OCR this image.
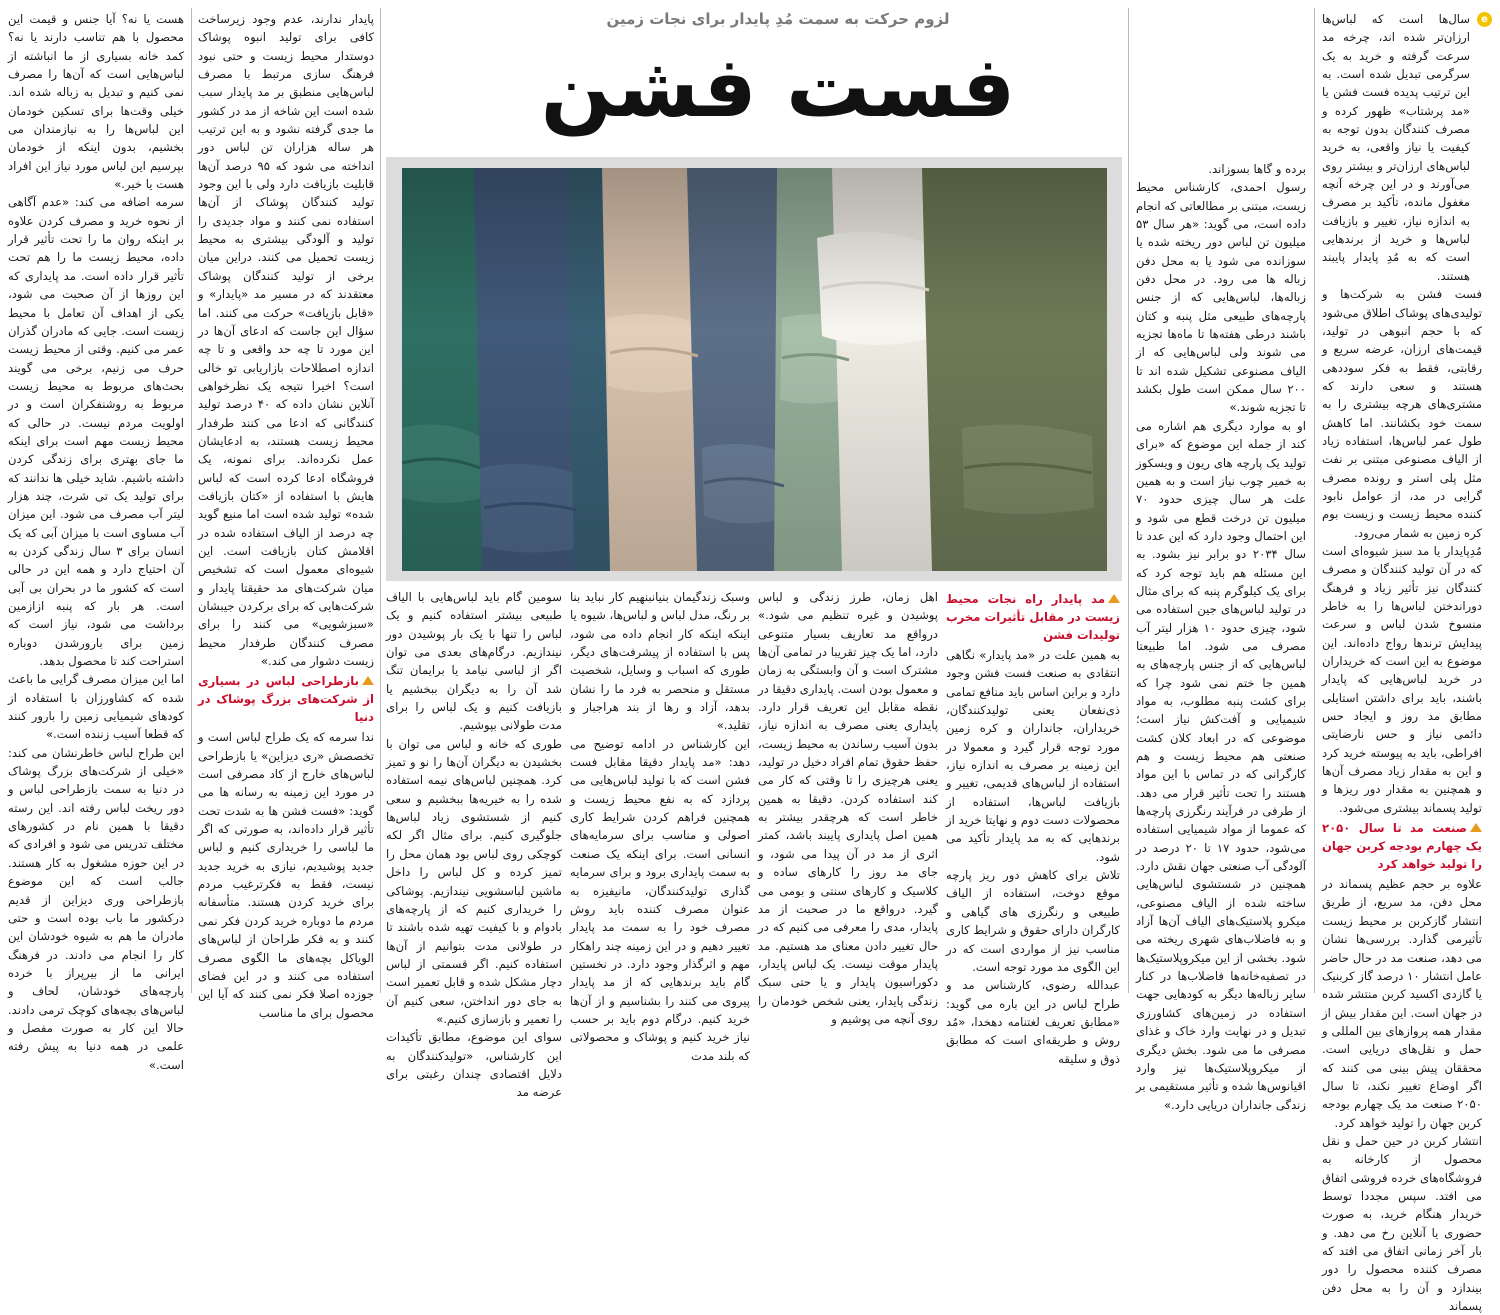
e

سال‌ها است که لباس‌ها ارزان‌تر شده اند، چرخه مد سرعت گرفته و خرید به یک سرگرمی تبدیل شده است. به این ترتیب پدیده فست فشن یا «مد پرشتاب» ظهور کرده و مصرف کنندگان بدون توجه به کیفیت یا نیاز واقعی، به خرید لباس‌های ارزان‌تر و بیشتر روی می‌آورند و در این چرخه آنچه مغفول مانده، تأکید بر مصرف به اندازه نیاز، تغییر و بازیافت لباس‌ها و خرید از برندهایی است که به مُدِ پایدار پایبند هستند.

فست فشن به شرکت‌ها و تولیدی‌های پوشاک اطلاق می‌شود که با حجم انبوهی در تولید، قیمت‌های ارزان، عرضه سریع و رقابتی، فقط به فکر سوددهی هستند و سعی دارند که مشتری‌های هرچه بیشتری را به سمت خود بکشانند. اما کاهش طول عمر لباس‌ها، استفاده زیاد از الیاف مصنوعی مبتنی بر نفت مثل پلی استر و رونده مصرف گرایی در مد، از عوامل نابود کننده محیط زیست و زیست بوم کره زمین به شمار می‌رود.

مُدِپایدار یا مد سبز شیوه‌ای است که در آن تولید کنندگان و مصرف کنندگان نیز تأثیر زیاد و فرهنگ دوراندختن لباس‌ها را به خاطر منسوخ شدن لباس و سرعت پیدایش ترندها رواج داده‌اند. این موضوع به این است که خریداران در خرید لباس‌هایی که پایدار باشند، باید برای داشتن استایلی مطابق مد روز و ایجاد حس دائمی نیاز و حس نارضایتی افراطی، باید به پیوسته خرید کرد و این به مقدار زیاد مصرف آن‌ها و همچنین به مقدار دور ریزها و تولید پسماند بیشتری می‌شود.

صنعت مد تا سال ۲۰۵۰ یک چهارم بودجه کربن جهان را تولید خواهد کرد

علاوه بر حجم عظیم پسماند در محل دفن، مد سریع، از طریق انتشار گازکربن بر محیط زیست تأثیرمی گذارد. بررسی‌ها نشان می دهد، صنعت مد در حال حاضر عامل انتشار ۱۰ درصد گاز کربنیک یا گازدی اکسید کربن منتشر شده در جهان است. این مقدار بیش از مقدار همه پروازهای بین المللی و حمل و نقل‌های دریایی است. محققان پیش بینی می کنند که اگر اوضاع تغییر نکند، تا سال ۲۰۵۰ صنعت مد یک چهارم بودجه کربن جهان را تولید خواهد کرد.

انتشار کربن در حین حمل و نقل محصول از کارخانه به فروشگاه‌های خرده فروشی اتفاق می افتد. سپس مجددا توسط خریدار هنگام خرید، به صورت حضوری یا آنلاین رخ می دهد. و بار آخر زمانی اتفاق می افتد که مصرف کننده محصول را دور بیندازد و آن را به محل دفن پسماند

برده و گاها بسوزاند.

رسول احمدی، کارشناس محیط زیست، مبتنی بر مطالعاتی که انجام داده است، می گوید: «هر سال ۵۳ میلیون تن لباس دور ریخته شده یا سوزانده می شود یا به محل دفن زباله ها می رود. در محل دفن زباله‌ها، لباس‌هایی که از جنس پارچه‌های طبیعی مثل پنبه و کتان باشند درطی هفته‌ها تا ماه‌ها تجزیه می شوند ولی لباس‌هایی که از الیاف مصنوعی تشکیل شده اند تا ۲۰۰ سال ممکن است طول بکشد تا تجزیه شوند.»

او به موارد دیگری هم اشاره می کند از جمله این موضوع که «برای تولید یک پارچه های ریون و ویسکوز به خمیر چوب نیاز است و به همین علت هر سال چیزی حدود ۷۰ میلیون تن درخت قطع می شود و این احتمال وجود دارد که این عدد تا سال ۲۰۳۴ دو برابر نیز بشود. به این مسئله هم باید توجه کرد که برای یک کیلوگرم پنبه که برای مثال در تولید لباس‌های جین استفاده می شود، چیزی حدود ۱۰ هزار لیتر آب مصرف می شود. اما طبیعتا لباس‌هایی که از جنس پارچه‌های به همین جا ختم نمی شود چرا که برای کشت پنبه مطلوب، به مواد شیمیایی و آفت‌کش نیاز است؛ موضوعی که در ابعاد کلان کشت صنعتی هم محیط زیست و هم کارگرانی که در تماس با این مواد هستند را تحت تأثیر قرار می دهد. از طرفی در فرآیند رنگرزی پارچه‌ها که عموما از مواد شیمیایی استفاده می‌شود، حدود ۱۷ تا ۲۰ درصد در آلودگی آب صنعتی جهان نقش دارد. همچنین در شستشوی لباس‌هایی ساخته شده از الیاف مصنوعی، میکرو پلاستیک‌های الیاف آن‌ها آزاد و به فاضلاب‌های شهری ریخته می شود. بخشی از این میکروپلاستیک‌ها در تصفیه‌خانه‌ها فاضلاب‌ها در کنار سایر زباله‌ها دیگر به کودهایی جهت استفاده در زمین‌های کشاورزی تبدیل و در نهایت وارد خاک و غذای مصرفی ما می شود. بخش دیگری از میکروپلاستیک‌ها نیز وارد اقیانوس‌ها شده و تأثیر مستقیمی بر زندگی جانداران دریایی دارد.»

لزوم حرکت به سمت مُدِ پایدار برای نجات زمین
فست فشن
مد پایدار راه نجات محیط زیست در مقابل تأثیرات مخرب تولیدات فشن

به همین علت در «مد پایدار» نگاهی انتقادی به صنعت فست فشن وجود دارد و براین اساس باید منافع تمامی ذی‌نفعان یعنی تولیدکنندگان، خریداران، جانداران و کره زمین مورد توجه قرار گیرد و معمولا در این زمینه بر مصرف به اندازه نیاز، استفاده از لباس‌های قدیمی، تغییر و بازیافت لباس‌ها، استفاده از محصولات دست دوم و نهایتا خرید از برندهایی که به مد پایدار تأکید می شود.

تلاش برای کاهش دور ریز پارچه موقع دوخت، استفاده از الیاف طبیعی و رنگرزی های گیاهی و کارگران دارای حقوق و شرایط کاری مناسب نیز از مواردی است که در این الگوی مد مورد توجه است.

عبدالله رضوی، کارشناس مد و طراح لباس در این باره می گوید: «مطابق تعریف لغتنامه دهخدا، «مُد روش و طریقه‌ای است که مطابق ذوق و سلیقه

اهل زمان، طرز زندگی و لباس پوشیدن و غیره تنظیم می شود.» درواقع مد تعاریف بسیار متنوعی دارد، اما یک چیز تقریبا در تمامی آن‌ها مشترک است و آن وابستگی به زمان و معمول بودن است. پایداری دقیقا در نقطه مقابل این تعریف قرار دارد. پایداری یعنی مصرف به اندازه نیاز، بدون آسیب رساندن به محیط زیست، حفظ حقوق تمام افراد دخیل در تولید، یعنی هرچیزی را تا وقتی که کار می کند استفاده کردن. دقیقا به همین خاطر است که هرچقدر بیشتر به همین اصل پایداری پایبند باشد، کمتر اثری از مد در آن پیدا می شود، و جای مد روز را کارهای ساده و کلاسیک و کارهای سنتی و بومی می گیرد. درواقع ما در صحبت از مد پایدار، مدی را معرفی می کنیم که در حال تغییر دادن معنای مد هستیم. مد پایدار موقت نیست. یک لباس پایدار، دکوراسیون پایدار و یا حتی سبک زندگی پایدار، یعنی شخص خودمان را روی آنچه می پوشیم و

وسبک زندگیمان بنیانبنهیم کار نباید بنا بر رنگ، مدل لباس و لباس‌ها، شیوه یا اینکه اینکه کار انجام داده می شود، پس با استفاده از پیشرفت‌های دیگر، طوری که اسباب و وسایل، شخصیت مستقل و منحصر به فرد ما را نشان بدهد، آزاد و رها از بند هراجبار و تقلید.»

این کارشناس در ادامه توضیح می دهد: «مد پایدار دقیقا مقابل فست فشن است که با تولید لباس‌هایی می پردازد که به نفع محیط زیست و همچنین فراهم کردن شرایط کاری اصولی و مناسب برای سرمایه‌های انسانی است. برای اینکه یک صنعت به سمت پایداری برود و برای سرمایه گذاری تولیدکنندگان، مانیفیزه به عنوان مصرف کننده باید روش مصرف خود را به سمت مد پایدار تغییر دهیم و در این زمینه چند راهکار مهم و اثرگذار وجود دارد. در نخستین گام باید برندهایی که از مد پایدار پیروی می کنند را بشناسیم و از آن‌ها خرید کنیم. درگام دوم باید بر حسب نیاز خرید کنیم و پوشاک و محصولاتی که بلند مدت

سومین گام باید لباس‌هایی با الیاف طبیعی بیشتر استفاده کنیم و یک لباس را تنها با یک بار پوشیدن دور نیندازیم. درگام‌های بعدی می توان اگر از لباسی نیامد یا برایمان تنگ شد آن را به دیگران ببخشیم یا بازیافت کنیم و یک لباس را برای مدت طولانی بپوشیم.

طوری که خانه و لباس می توان با بخشیدن به دیگران آن‌ها را نو و تمیز کرد. همچنین لباس‌های نیمه استفاده شده را به خیریه‌ها ببخشیم و سعی کنیم از شستشوی زیاد لباس‌ها جلوگیری کنیم. برای مثال اگر لکه کوچکی روی لباس بود همان محل را تمیز کرده و کل لباس را داخل ماشین لباسشویی نیندازیم. پوشاکی را خریداری کنیم که از پارچه‌های بادوام و با کیفیت تهیه شده باشند تا در طولانی مدت بتوانیم از آن‌ها استفاده کنیم. اگر قسمتی از لباس دچار مشکل شده و قابل تعمیر است به جای دور انداختن، سعی کنیم آن را تعمیر و بازسازی کنیم.»

سوای این موضوع، مطابق تأکیدات این کارشناس، «تولیدکنندگان به دلایل اقتصادی چندان رغبتی برای عرضه مد

پایدار ندارند، عدم وجود زیرساخت کافی برای تولید انبوه پوشاک دوستدار محیط زیست و حتی نبود فرهنگ سازی مرتبط با مصرف لباس‌هایی منطبق بر مد پایدار سبب شده است این شاخه از مد در کشور ما جدی گرفته نشود و به این ترتیب هر ساله هزاران تن لباس دور انداخته می شود که ۹۵ درصد آن‌ها قابلیت بازیافت دارد ولی با این وجود تولید کنندگان پوشاک از آن‌ها استفاده نمی کنند و مواد جدیدی را تولید و آلودگی بیشتری به محیط زیست تحمیل می کنند. دراین میان برخی از تولید کنندگان پوشاک معتقدند که در مسیر مد «پایدار» و «قابل بازیافت» حرکت می کنند. اما سؤال این جاست که ادعای آن‌ها در این مورد تا چه حد واقعی و تا چه اندازه اصطلاحات بازاریابی تو خالی است؟ اخیرا نتیجه یک نظرخواهی آنلاین نشان داده که ۴۰ درصد تولید کنندگانی که ادعا می کنند طرفدار محیط زیست هستند، به ادعایشان عمل نکرده‌اند. برای نمونه، یک فروشگاه ادعا کرده است که لباس هایش با استفاده از «کتان بازیافت شده» تولید شده است اما منیع گوید چه درصد از الیاف استفاده شده در اقلامش کتان بازیافت است. این شیوه‌ای معمول است که تشخیص میان شرکت‌های مد حقیقتا پایدار و شرکت‌هایی که برای برکردن جیبشان «سبزشویی» می کنند را برای مصرف کنندگان طرفدار محیط زیست دشوار می کند.»

بازطراحی لباس در بسیاری از شرکت‌های بزرگ پوشاک در دنیا

ندا سرمه که یک طراح لباس است و تخصصش «ری دیزاین» یا بازطراحی لباس‌های خارج از کاد مصرفی است در مورد این زمینه به رسانه ها می گوید: «فست فشن ها به شدت تحت تأثیر قرار داده‌اند، به صورتی که اگر ما لباسی را خریداری کنیم و لباس جدید پوشیدیم، نیازی به خرید جدید نیست، فقط به فکرترغیب مردم برای خرید کردن هستند. متأسفانه مردم ما دوباره خرید کردن فکر نمی کنند و به فکر طراحان از لباس‌های الویاکل بچه‌های ما الگوی مصرف استفاده می کنند و در این فضای جوزده اصلا فکر نمی کنند که آیا این محصول برای ما مناسب

هست یا نه؟ آیا جنس و قیمت این محصول با هم تناسب دارند یا نه؟ کمد خانه بسیاری از ما انباشته از لباس‌هایی است که آن‌ها را مصرف نمی کنیم و تبدیل به زباله شده اند. خیلی وقت‌ها برای تسکین خودمان این لباس‌ها را به نیازمندان می بخشیم، بدون اینکه از خودمان بپرسیم این لباس مورد نیاز این افراد هست یا خیر.»

سرمه اضافه می کند: «عدم آگاهی از نحوه خرید و مصرف کردن علاوه بر اینکه روان ما را تحت تأثیر قرار داده، محیط زیست ما را هم تحت تأثیر قرار داده است. مد پایداری که این روزها از آن صحبت می شود، یکی از اهداف آن تعامل با محیط زیست است. جایی که مادران گذران عمر می کنیم. وقتی از محیط زیست حرف می زنیم، برخی می گویند بحث‌های مربوط به محیط زیست مربوط به روشنفکران است و در اولویت مردم نیست. در حالی که محیط زیست مهم است برای اینکه ما جای بهتری برای زندگی کردن داشته باشیم. شاید خیلی ها ندانند که برای تولید یک تی شرت، چند هزار لیتر آب مصرف می شود. این میزان آب مساوی است با میزان آبی که یک انسان برای ۳ سال زندگی کردن به آن احتیاج دارد و همه این در حالی است که کشور ما در بحران بی آبی است. هر بار که پنبه ازازمین برداشت می شود، نیاز است که زمین برای بارورشدن دوباره استراحت کند تا محصول بدهد.

اما این میزان مصرف گرایی ما باعث شده که کشاورزان با استفاده از کودهای شیمیایی زمین را بارور کنند که قطعا آسیب زننده است.»

این طراح لباس خاطرنشان می کند: «خیلی از شرکت‌های بزرگ پوشاک در دنیا به سمت بازطراحی لباس و دور ریخت لباس رفته اند. این رسته دقیقا با همین نام در کشورهای مختلف تدریس می شود و افرادی که در این حوزه مشغول به کار هستند. جالب است که این موضوع بازطراحی وری دیزاین از قدیم درکشور ما باب بوده است و حتی مادران ما هم به شیوه خودشان این کار را انجام می دادند. در فرهنگ ایرانی ما از بیرپراز با خرده پارچه‌های خودشان، لحاف و لباس‌های بچه‌های کوچک ترمی دادند. حالا این کار به صورت مفصل و علمی در همه دنیا به پیش رفته است.»
